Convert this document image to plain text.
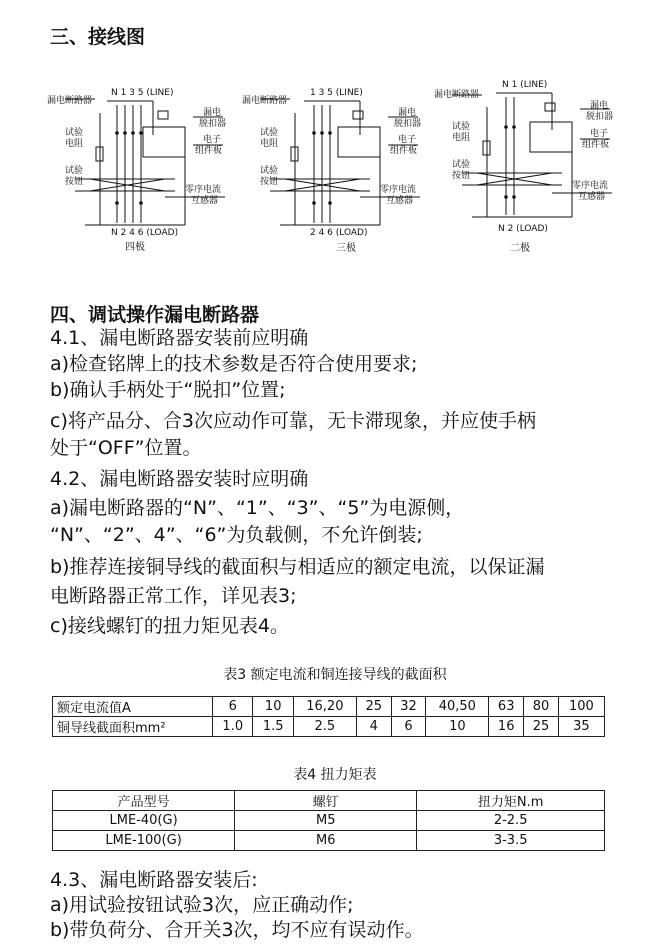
三、接线图
N 1 3 5 (LINE)
漏电断路器
漏电
脱扣器
电子
组件板
试验
电阻
试验
按钮
零序电流
互感器
N 2 4 6 (LOAD)
四极
1 3 5 (LINE)
漏电断路器
漏电
脱扣器
电子
组件板
试验
电阻
试验
按钮
零序电流
互感器
2 4 6 (LOAD)
三极
N 1 (LINE)
漏电断路器
漏电
脱扣器
电子
组件板
试验
电阻
试验
按钮
零序电流
互感器
N 2 (LOAD)
二极
四、调试操作漏电断路器
4.1、漏电断路器安装前应明确
a)检查铭牌上的技术参数是否符合使用要求;
b)确认手柄处于“脱扣”位置;
c)将产品分、合3次应动作可靠，无卡滞现象，并应使手柄
处于“OFF”位置。
4.2、漏电断路器安装时应明确
a)漏电断路器的“N”、“1”、“3”、“5”为电源侧，
“N”、“2”、4”、“6”为负载侧，不允许倒装;
b)推荐连接铜导线的截面积与相适应的额定电流，以保证漏
电断路器正常工作，详见表3;
c)接线螺钉的扭力矩见表4。
表3 额定电流和铜连接导线的截面积
额定电流值A	6	10	16,20	25	32	40,50	63	80	100
铜导线截面积mm²	1.0	1.5	2.5	4	6	10	16	25	35
表4 扭力矩表
产品型号	螺钉	扭力矩N.m
LME-40(G)	M5	2-2.5
LME-100(G)	M6	3-3.5
4.3、漏电断路器安装后:
a)用试验按钮试验3次，应正确动作;
b)带负荷分、合开关3次，均不应有误动作。
